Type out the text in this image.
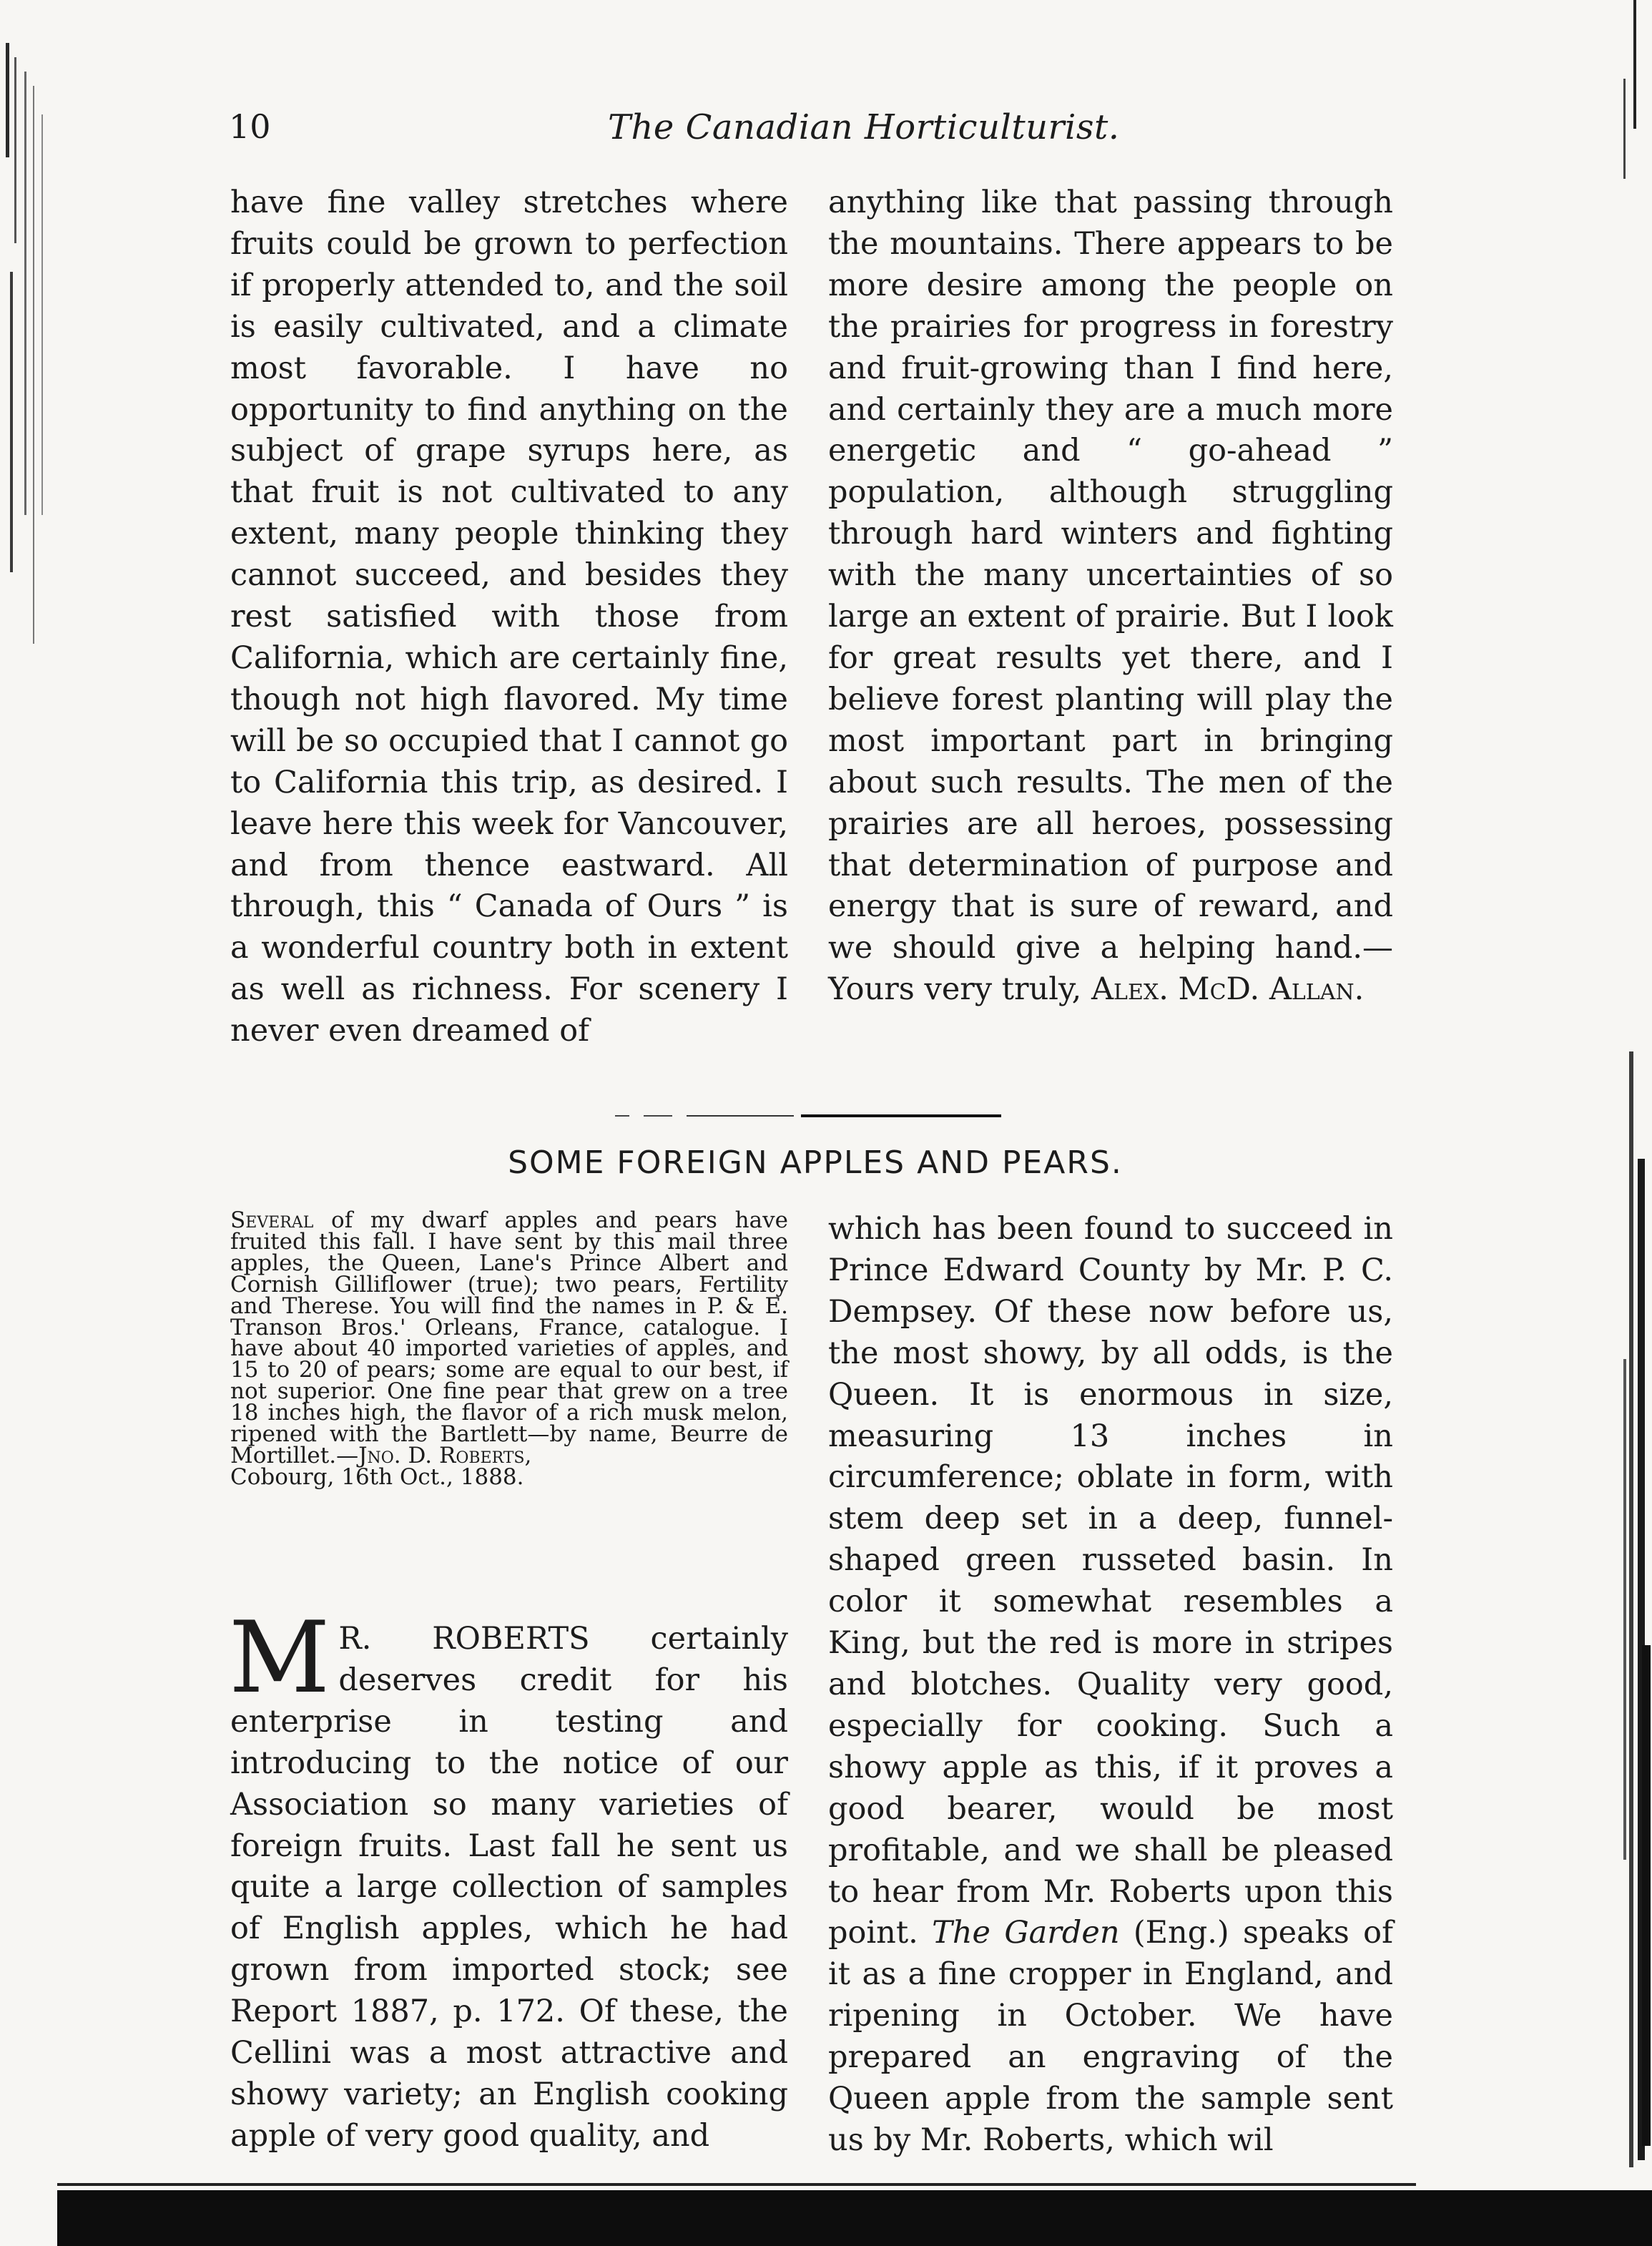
10	The Canadian Horticulturist.

have fine valley stretches where fruits could be grown to perfection if properly attended to, and the soil is easily cultivated, and a climate most favorable. I have no opportunity to find anything on the subject of grape syrups here, as that fruit is not cultivated to any extent, many people thinking they cannot succeed, and besides they rest satisfied with those from California, which are certainly fine, though not high flavored. My time will be so occupied that I cannot go to California this trip, as desired. I leave here this week for Vancouver, and from thence eastward. All through, this “ Canada of Ours ” is a wonderful country both in extent as well as richness. For scenery I never even dreamed of

anything like that passing through the mountains. There appears to be more desire among the people on the prairies for progress in forestry and fruit-growing than I find here, and certainly they are a much more energetic and “ go-ahead ” population, although struggling through hard winters and fighting with the many uncertainties of so large an extent of prairie. But I look for great results yet there, and I believe forest planting will play the most important part in bringing about such results. The men of the prairies are all heroes, possessing that determination of purpose and energy that is sure of reward, and we should give a helping hand.—Yours very truly, Alex. McD. Allan.

SOME FOREIGN APPLES AND PEARS.
Several of my dwarf apples and pears have fruited this fall. I have sent by this mail three apples, the Queen, Lane's Prince Albert and Cornish Gilliflower (true); two pears, Fertility and Therese. You will find the names in P. & E. Transon Bros.' Orleans, France, catalogue. I have about 40 imported varieties of apples, and 15 to 20 of pears; some are equal to our best, if not superior. One fine pear that grew on a tree 18 inches high, the flavor of a rich musk melon, ripened with the Bartlett—by name, Beurre de Mortillet.—Jno. D. Roberts,
Cobourg, 16th Oct., 1888.
M R. ROBERTS certainly deserves credit for his enterprise in testing and introducing to the notice of our Association so many varieties of foreign fruits. Last fall he sent us quite a large collection of samples of English apples, which he had grown from imported stock; see Report 1887, p. 172. Of these, the Cellini was a most attractive and showy variety; an English cooking apple of very good quality, and
which has been found to succeed in Prince Edward County by Mr. P. C. Dempsey. Of these now before us, the most showy, by all odds, is the Queen. It is enormous in size, measuring 13 inches in circumference; oblate in form, with stem deep set in a deep, funnel-shaped green russeted basin. In color it somewhat resembles a King, but the red is more in stripes and blotches. Quality very good, especially for cooking. Such a showy apple as this, if it proves a good bearer, would be most profitable, and we shall be pleased to hear from Mr. Roberts upon this point. The Garden (Eng.) speaks of it as a fine cropper in England, and ripening in October. We have prepared an engraving of the Queen apple from the sample sent us by Mr. Roberts, which wil
